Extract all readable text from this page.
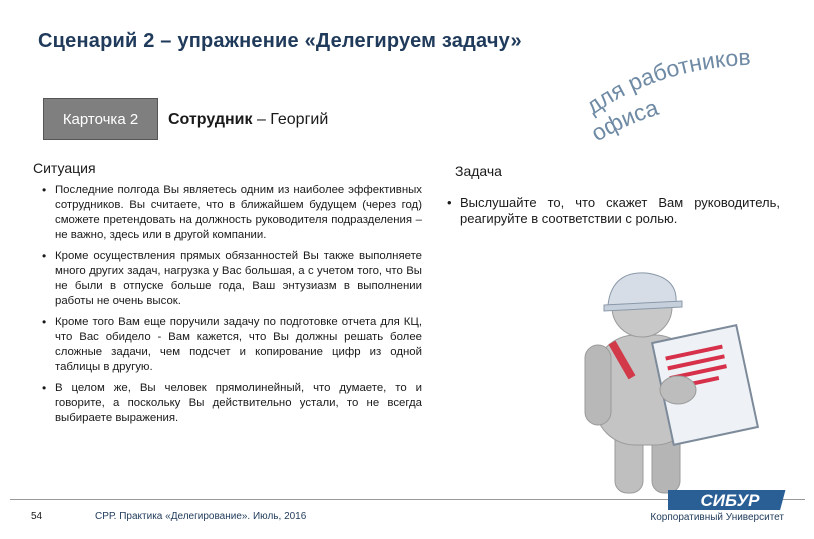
Сценарий 2 – упражнение «Делегируем задачу»
Карточка 2	Сотрудник – Георгий
для работников
офиса
Ситуация
• Последние полгода Вы являетесь одним из наиболее эффективных сотрудников. Вы считаете, что в ближайшем будущем (через год) сможете претендовать на должность руководителя подразделения – не важно, здесь или в другой компании.
• Кроме осуществления прямых обязанностей Вы также выполняете много других задач, нагрузка у Вас большая, а с учетом того, что Вы не были в отпуске больше года, Ваш энтузиазм в выполнении работы не очень высок.
• Кроме того Вам еще поручили задачу по подготовке отчета для КЦ, что Вас обидело - Вам кажется, что Вы должны решать более сложные задачи, чем подсчет и копирование цифр из одной таблицы в другую.
• В целом же, Вы человек прямолинейный, что думаете, то и говорите, а поскольку Вы действительно устали, то не всегда выбираете выражения.
Задача
• Выслушайте то, что скажет Вам руководитель, реагируйте в соответствии с ролью.
54	СРР. Практика «Делегирование». Июль, 2016
СИБУР
Корпоративный Университет
